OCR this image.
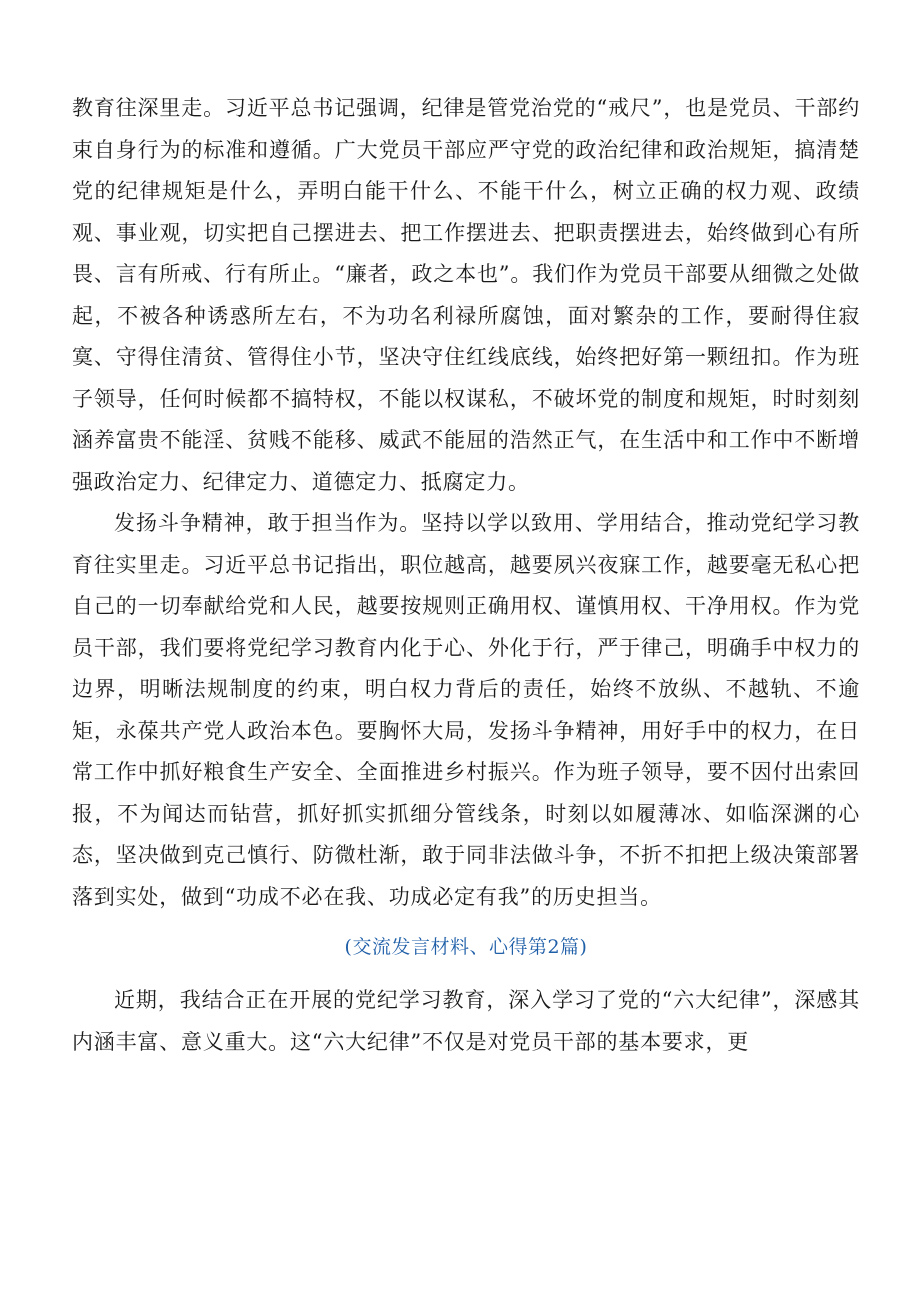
教育往深里走。习近平总书记强调，纪律是管党治党的“戒尺”，也是党员、干部约束自身行为的标准和遵循。广大党员干部应严守党的政治纪律和政治规矩，搞清楚党的纪律规矩是什么，弄明白能干什么、不能干什么，树立正确的权力观、政绩观、事业观，切实把自己摆进去、把工作摆进去、把职责摆进去，始终做到心有所畏、言有所戒、行有所止。“廉者，政之本也”。我们作为党员干部要从细微之处做起，不被各种诱惑所左右，不为功名利禄所腐蚀，面对繁杂的工作，要耐得住寂寞、守得住清贫、管得住小节，坚决守住红线底线，始终把好第一颗纽扣。作为班子领导，任何时候都不搞特权，不能以权谋私，不破坏党的制度和规矩，时时刻刻涵养富贵不能淫、贫贱不能移、威武不能屈的浩然正气，在生活中和工作中不断增强政治定力、纪律定力、道德定力、抵腐定力。

发扬斗争精神，敢于担当作为。坚持以学以致用、学用结合，推动党纪学习教育往实里走。习近平总书记指出，职位越高，越要夙兴夜寐工作，越要毫无私心把自己的一切奉献给党和人民，越要按规则正确用权、谨慎用权、干净用权。作为党员干部，我们要将党纪学习教育内化于心、外化于行，严于律己，明确手中权力的边界，明晰法规制度的约束，明白权力背后的责任，始终不放纵、不越轨、不逾矩，永葆共产党人政治本色。要胸怀大局，发扬斗争精神，用好手中的权力，在日常工作中抓好粮食生产安全、全面推进乡村振兴。作为班子领导，要不因付出索回报，不为闻达而钻营，抓好抓实抓细分管线条，时刻以如履薄冰、如临深渊的心态，坚决做到克己慎行、防微杜渐，敢于同非法做斗争，不折不扣把上级决策部署落到实处，做到“功成不必在我、功成必定有我”的历史担当。

(交流发言材料、心得第2篇)

近期，我结合正在开展的党纪学习教育，深入学习了党的“六大纪律”，深感其内涵丰富、意义重大。这“六大纪律”不仅是对党员干部的基本要求，更
